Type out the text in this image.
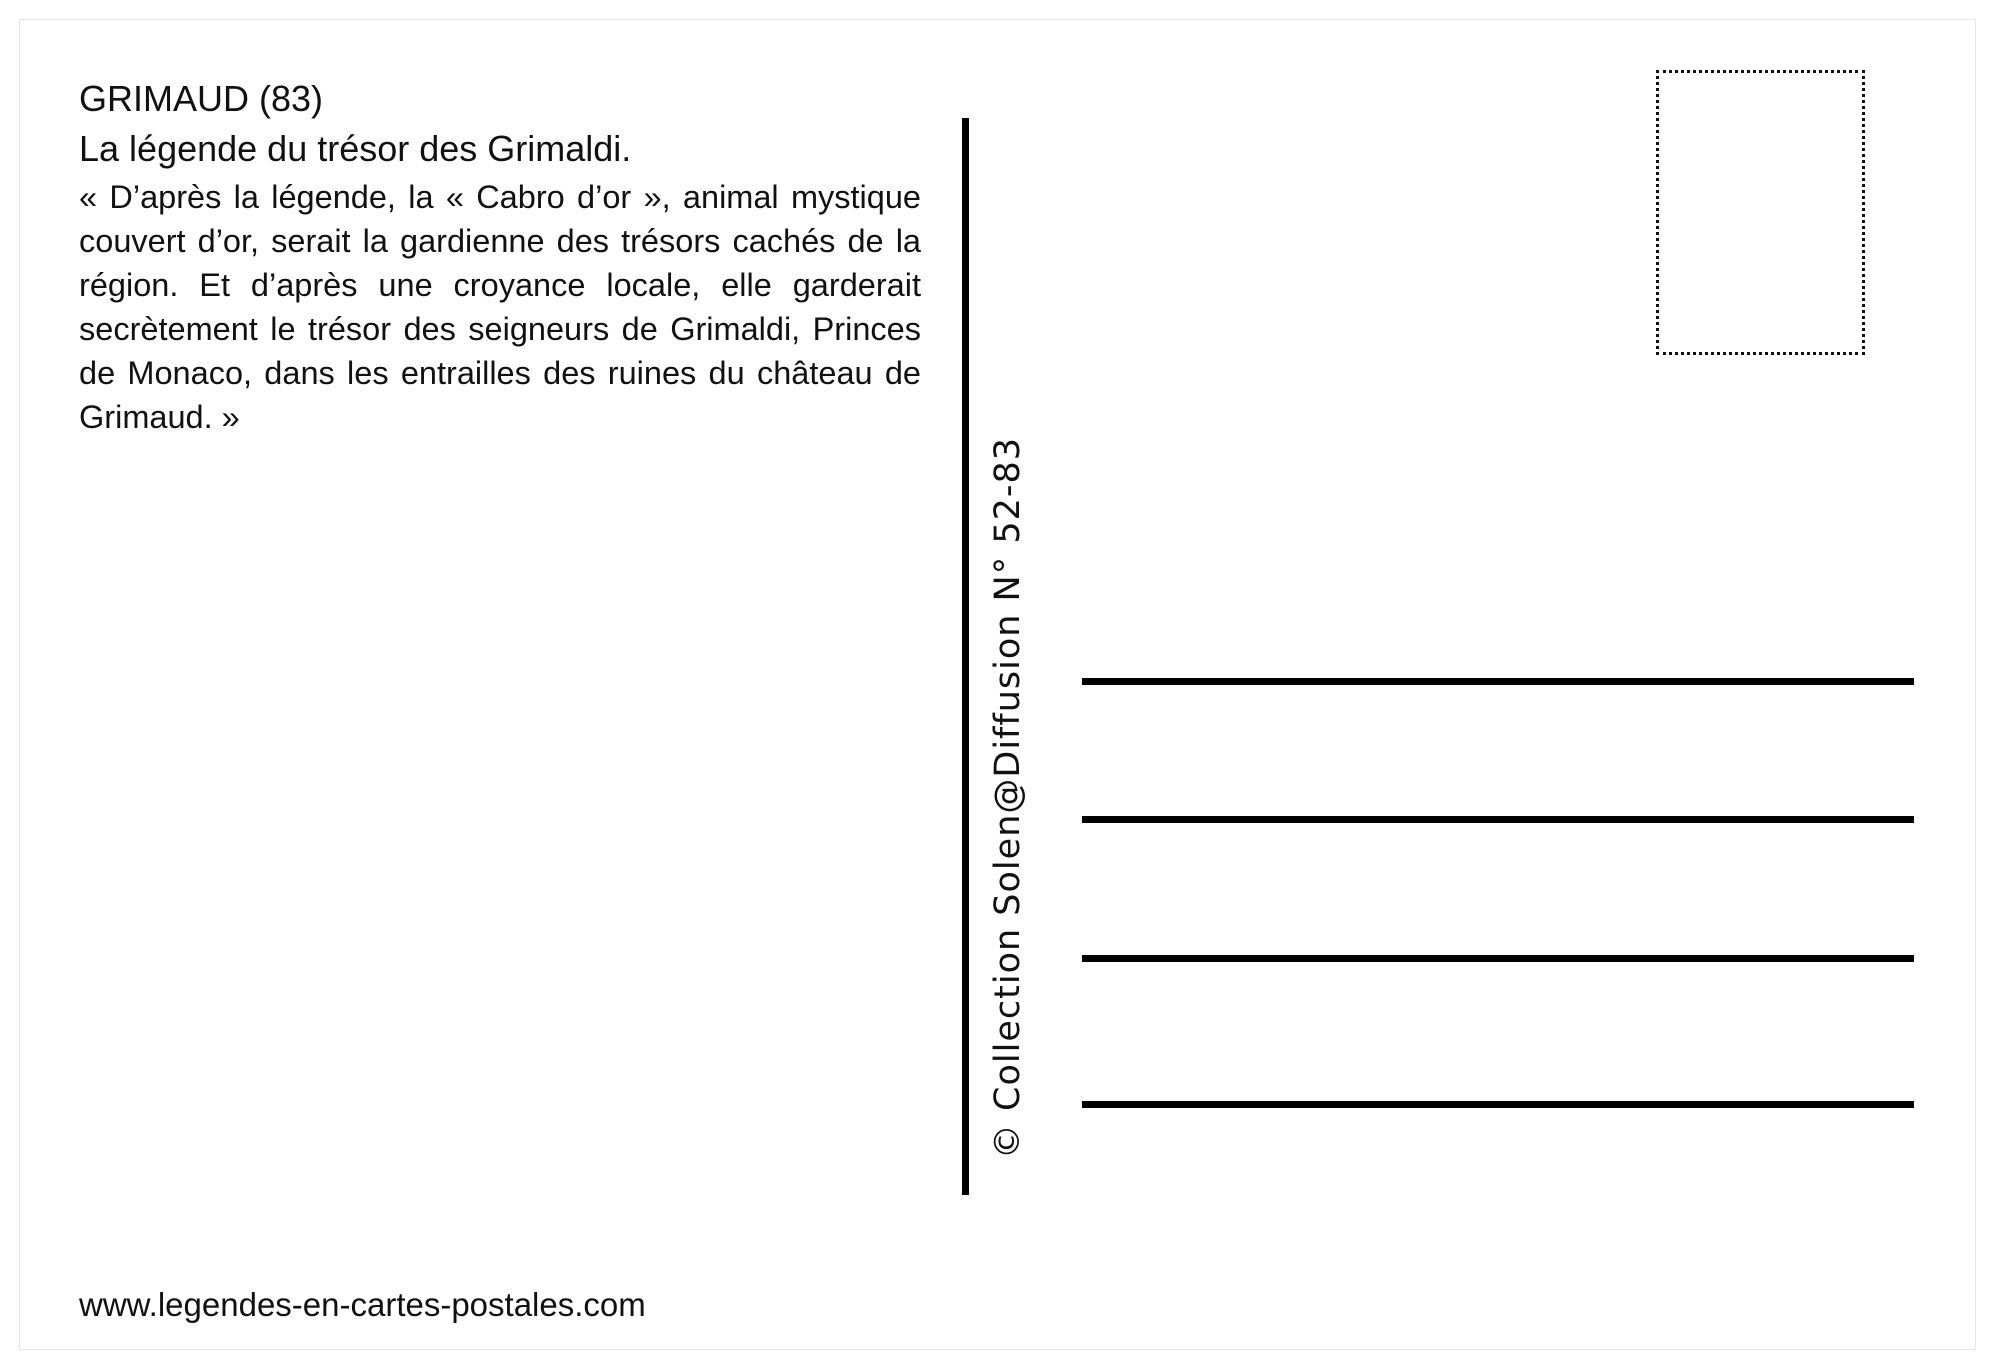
GRIMAUD (83)
La légende du trésor des Grimaldi.

« D’après la légende, la « Cabro d’or », animal mystique couvert d’or, serait la gardienne des trésors cachés de la région. Et d’après une croyance locale, elle garderait secrètement le trésor des seigneurs de Grimaldi, Princes de Monaco, dans les entrailles des ruines du château de Grimaud. »

www.legendes-en-cartes-postales.com
© Collection Solen@Diffusion N° 52-83
